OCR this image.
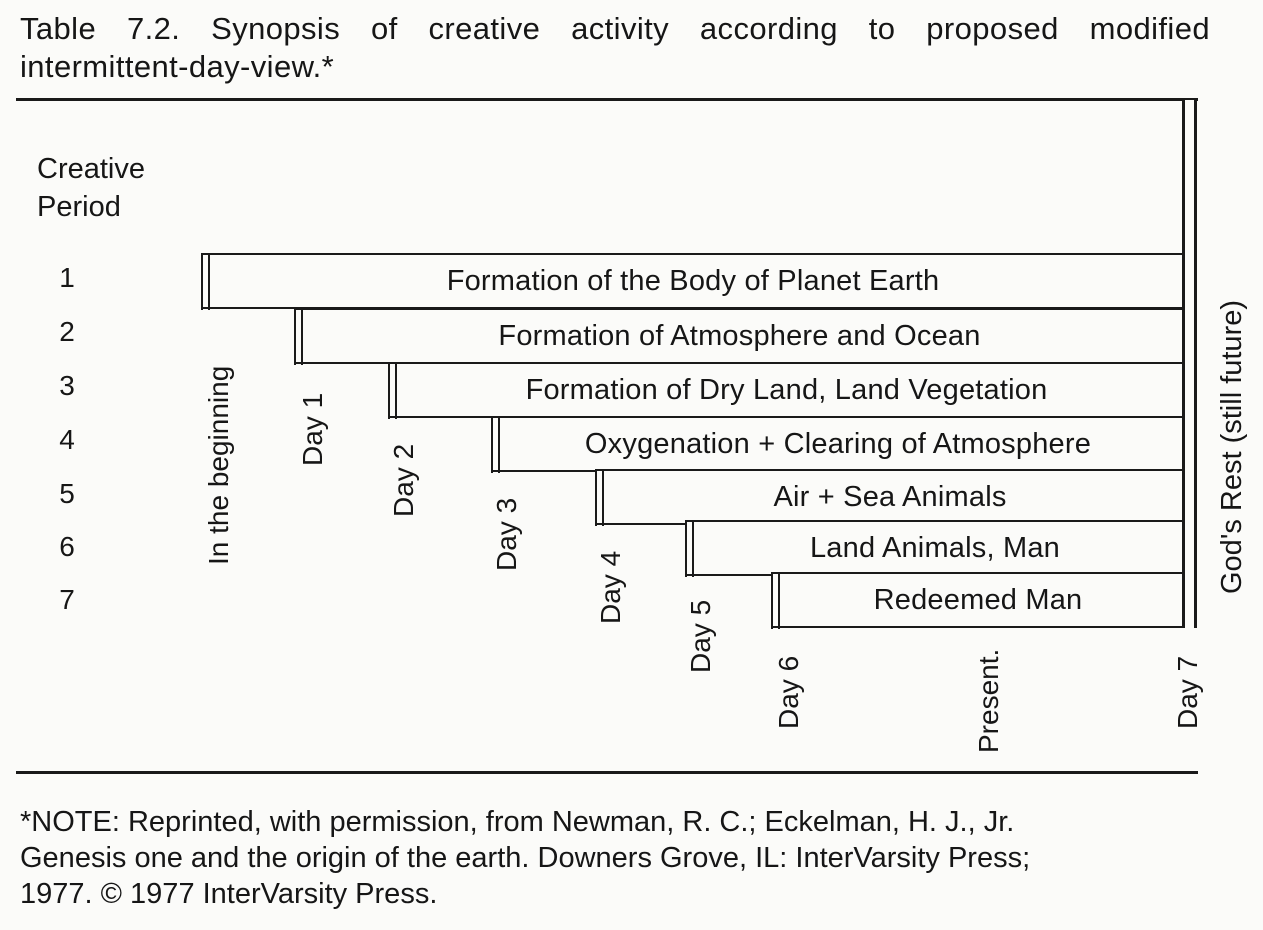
Table 7.2. Synopsis of creative activity according to proposed modified
intermittent-day-view.*

Creative
Period
1
2
3
4
5
6
7
Formation of the Body of Planet Earth
Formation of Atmosphere and Ocean
Formation of Dry Land, Land Vegetation
Oxygenation + Clearing of Atmosphere
Air + Sea Animals
Land Animals, Man
Redeemed Man
In the beginning Day 1
Day 2
Day 3
Day 4
Day 5
Day 6	Present.	Day 7
God's Rest (still future)

*NOTE: Reprinted, with permission, from Newman, R. C.; Eckelman, H. J., Jr.
Genesis one and the origin of the earth. Downers Grove, IL: InterVarsity Press;
1977. © 1977 InterVarsity Press.
